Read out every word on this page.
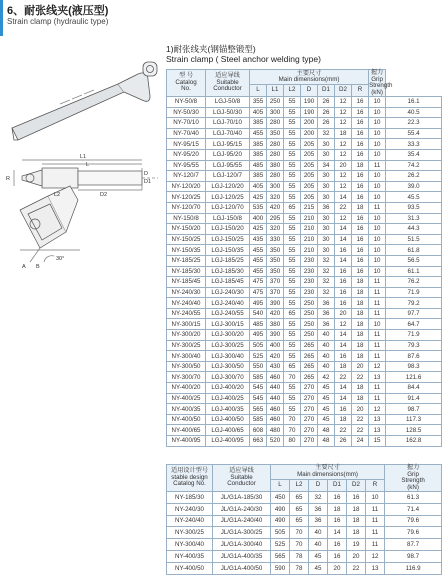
6、耐张线夹(液压型)
Strain clamp (hydraulic type)
1)耐张线夹(钢锚整锻型)
Strain clamp ( Steel anchor welding type)
L1
L
R
D
D1
D2
L2
A B
30°
型 号
Catalog
No.	适应导线
Suitable
Conductor	主要尺寸
Main dimensions(mm)							握力
Grip
Strength
(kN)	
		L	L1	L2	D	D1	D2	R		
NY-50/8	LGJ-50/8	355	250	55	190	26	12	16	10	16.1
NY-50/30	LGJ-50/30	405	300	55	190	26	12	16	10	40.5
NY-70/10	LGJ-70/10	385	280	55	200	26	12	16	10	22.3
NY-70/40	LGJ-70/40	455	350	55	200	32	18	16	10	55.4
NY-95/15	LGJ-95/15	385	280	55	205	30	12	16	10	33.3
NY-95/20	LGJ-95/20	385	280	55	205	30	12	16	10	35.4
NY-95/55	LGJ-95/55	485	380	55	205	34	20	18	11	74.2
NY-120/7	LGJ-120/7	385	280	55	205	30	12	16	10	26.2
NY-120/20	LGJ-120/20	405	300	55	205	30	12	16	10	39.0
NY-120/25	LGJ-120/25	425	320	55	205	30	14	16	10	45.5
NY-120/70	LGJ-120/70	535	420	65	215	36	22	18	11	93.5
NY-150/8	LGJ-150/8	400	295	55	210	30	12	16	10	31.3
NY-150/20	LGJ-150/20	425	320	55	210	30	14	16	10	44.3
NY-150/25	LGJ-150/25	435	330	55	210	30	14	16	10	51.5
NY-150/35	LGJ-150/35	455	350	55	210	30	16	16	10	61.8
NY-185/25	LGJ-185/25	455	350	55	230	32	14	16	10	56.5
NY-185/30	LGJ-185/30	455	350	55	230	32	16	16	10	61.1
NY-185/45	LGJ-185/45	475	370	55	230	32	16	18	11	76.2
NY-240/30	LGJ-240/30	475	370	55	230	32	16	18	11	71.9
NY-240/40	LGJ-240/40	495	390	55	250	36	16	18	11	79.2
NY-240/55	LGJ-240/55	540	420	65	250	36	20	18	11	97.7
NY-300/15	LGJ-300/15	485	380	55	250	36	12	18	10	64.7
NY-300/20	LGJ-300/20	495	390	55	250	40	14	18	11	71.9
NY-300/25	LGJ-300/25	505	400	55	265	40	14	18	11	79.3
NY-300/40	LGJ-300/40	525	420	55	265	40	16	18	11	87.6
NY-300/50	LGJ-300/50	550	430	65	265	40	18	20	12	98.3
NY-300/70	LGJ-300/70	585	460	70	265	42	22	22	13	121.6
NY-400/20	LGJ-400/20	545	440	55	270	45	14	18	11	84.4
NY-400/25	LGJ-400/25	545	440	55	270	45	14	18	11	91.4
NY-400/35	LGJ-400/35	565	460	55	270	45	16	20	12	98.7
NY-400/50	LGJ-400/50	585	460	70	270	45	18	22	13	117.3
NY-400/65	LGJ-400/65	608	480	70	270	48	22	22	13	128.5
NY-400/95	LGJ-400/95	663	520	80	270	48	26	24	15	162.8
适用设计型号
stable design
Catalog No.	适应导线
Suitable
Conductor	主要尺寸
Main dimensions(mm)						握力
Grip
Strength
(kN)
		L	L2	D	D1	D2	R	
NY-185/30	JL/G1A-185/30	450	65	32	16	16	10	61.3
NY-240/30	JL/G1A-240/30	490	65	36	18	18	11	71.4
NY-240/40	JL/G1A-240/40	490	65	36	16	18	11	79.6
NY-300/25	JL/G1A-300/25	505	70	40	14	18	11	79.6
NY-300/40	JL/G1A-300/40	525	70	40	16	19	11	87.7
NY-400/35	JL/G1A-400/35	565	78	45	16	20	12	98.7
NY-400/50	JL/G1A-400/50	590	78	45	20	22	13	116.9
